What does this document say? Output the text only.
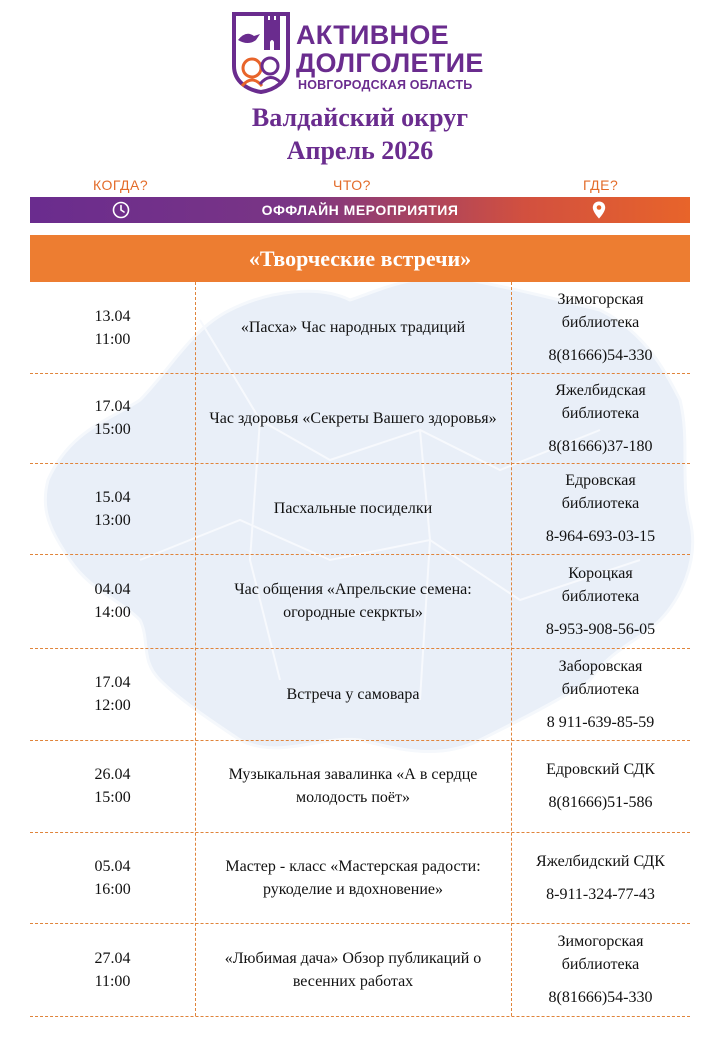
АКТИВНОЕ
ДОЛГОЛЕТИЕ
НОВГОРОДСКАЯ ОБЛАСТЬ
Валдайский округ
Апрель 2026
КОГДА?	ЧТО?	ГДЕ?
ОФФЛАЙН МЕРОПРИЯТИЯ
«Творческие встречи»
13.04
11:00
«Пасха» Час народных традиций
Зимогорская
библиотека
8(81666)54-330
17.04
15:00
Час здоровья «Секреты Вашего здоровья»
Яжелбидская
библиотека
8(81666)37-180
15.04
13:00
Пасхальные посиделки
Едровская
библиотека
8-964-693-03-15
04.04
14:00
Час общения «Апрельские семена: огородные секркты»
Короцкая
библиотека
8-953-908-56-05
17.04
12:00
Встреча у самовара
Заборовская
библиотека
8 911-639-85-59
26.04
15:00
Музыкальная завалинка «А в сердце молодость поёт»
Едровский СДК
8(81666)51-586
05.04
16:00
Мастер - класс «Мастерская радости: рукоделие и вдохновение»
Яжелбидский СДК
8-911-324-77-43
27.04
11:00
«Любимая дача» Обзор публикаций о весенних работах
Зимогорская
библиотека
8(81666)54-330
